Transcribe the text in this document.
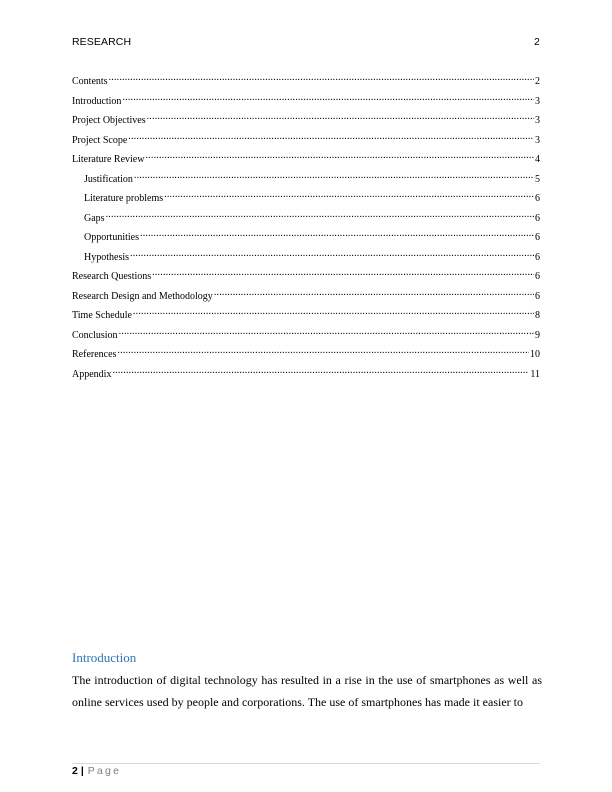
RESEARCH	2
Contents .....	2
Introduction .....	3
Project Objectives .....	3
Project Scope .....	3
Literature Review .....	4
Justification .....	5
Literature problems .....	6
Gaps .....	6
Opportunities .....	6
Hypothesis .....	6
Research Questions .....	6
Research Design and Methodology .....	6
Time Schedule .....	8
Conclusion .....	9
References .....	10
Appendix .....	11
Introduction
The introduction of digital technology has resulted in a rise in the use of smartphones as well as online services used by people and corporations. The use of smartphones has made it easier to
2 | Page
